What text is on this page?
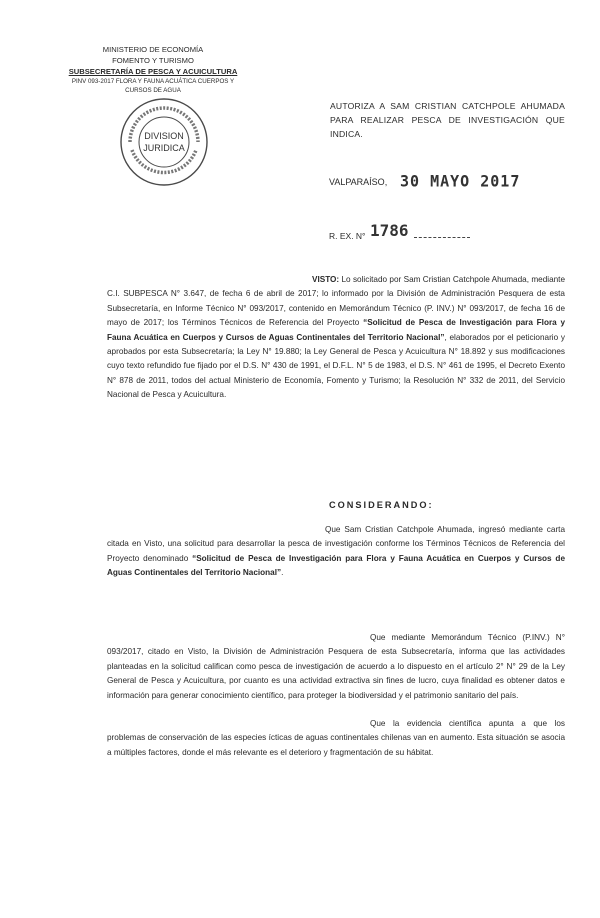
MINISTERIO DE ECONOMÍA
FOMENTO Y TURISMO
SUBSECRETARÍA DE PESCA Y ACUICULTURA
PINV 093-2017 FLORA Y FAUNA ACUÁTICA CUERPOS Y
CURSOS DE AGUA
DIVISION
JURIDICA
AUTORIZA A SAM CRISTIAN CATCHPOLE AHUMADA PARA REALIZAR PESCA DE INVESTIGACIÓN QUE INDICA.
VALPARAÍSO, 30 MAYO 2017
R. EX. N° 1786
VISTO: Lo solicitado por Sam Cristian Catchpole Ahumada, mediante C.I. SUBPESCA N° 3.647, de fecha 6 de abril de 2017; lo informado por la División de Administración Pesquera de esta Subsecretaría, en Informe Técnico N° 093/2017, contenido en Memorándum Técnico (P. INV.) N° 093/2017, de fecha 16 de mayo de 2017; los Términos Técnicos de Referencia del Proyecto “Solicitud de Pesca de Investigación para Flora y Fauna Acuática en Cuerpos y Cursos de Aguas Continentales del Territorio Nacional”, elaborados por el peticionario y aprobados por esta Subsecretaría; la Ley N° 19.880; la Ley General de Pesca y Acuicultura N° 18.892 y sus modificaciones cuyo texto refundido fue fijado por el D.S. N° 430 de 1991, el D.F.L. N° 5 de 1983, el D.S. N° 461 de 1995, el Decreto Exento N° 878 de 2011, todos del actual Ministerio de Economía, Fomento y Turismo; la Resolución N° 332 de 2011, del Servicio Nacional de Pesca y Acuicultura.
CONSIDERANDO:
Que Sam Cristian Catchpole Ahumada, ingresó mediante carta citada en Visto, una solicitud para desarrollar la pesca de investigación conforme los Términos Técnicos de Referencia del Proyecto denominado “Solicitud de Pesca de Investigación para Flora y Fauna Acuática en Cuerpos y Cursos de Aguas Continentales del Territorio Nacional”.
Que mediante Memorándum Técnico (P.INV.) N° 093/2017, citado en Visto, la División de Administración Pesquera de esta Subsecretaría, informa que las actividades planteadas en la solicitud califican como pesca de investigación de acuerdo a lo dispuesto en el artículo 2° N° 29 de la Ley General de Pesca y Acuicultura, por cuanto es una actividad extractiva sin fines de lucro, cuya finalidad es obtener datos e información para generar conocimiento científico, para proteger la biodiversidad y el patrimonio sanitario del país.
Que la evidencia científica apunta a que los problemas de conservación de las especies ícticas de aguas continentales chilenas van en aumento. Esta situación se asocia a múltiples factores, donde el más relevante es el deterioro y fragmentación de su hábitat.
